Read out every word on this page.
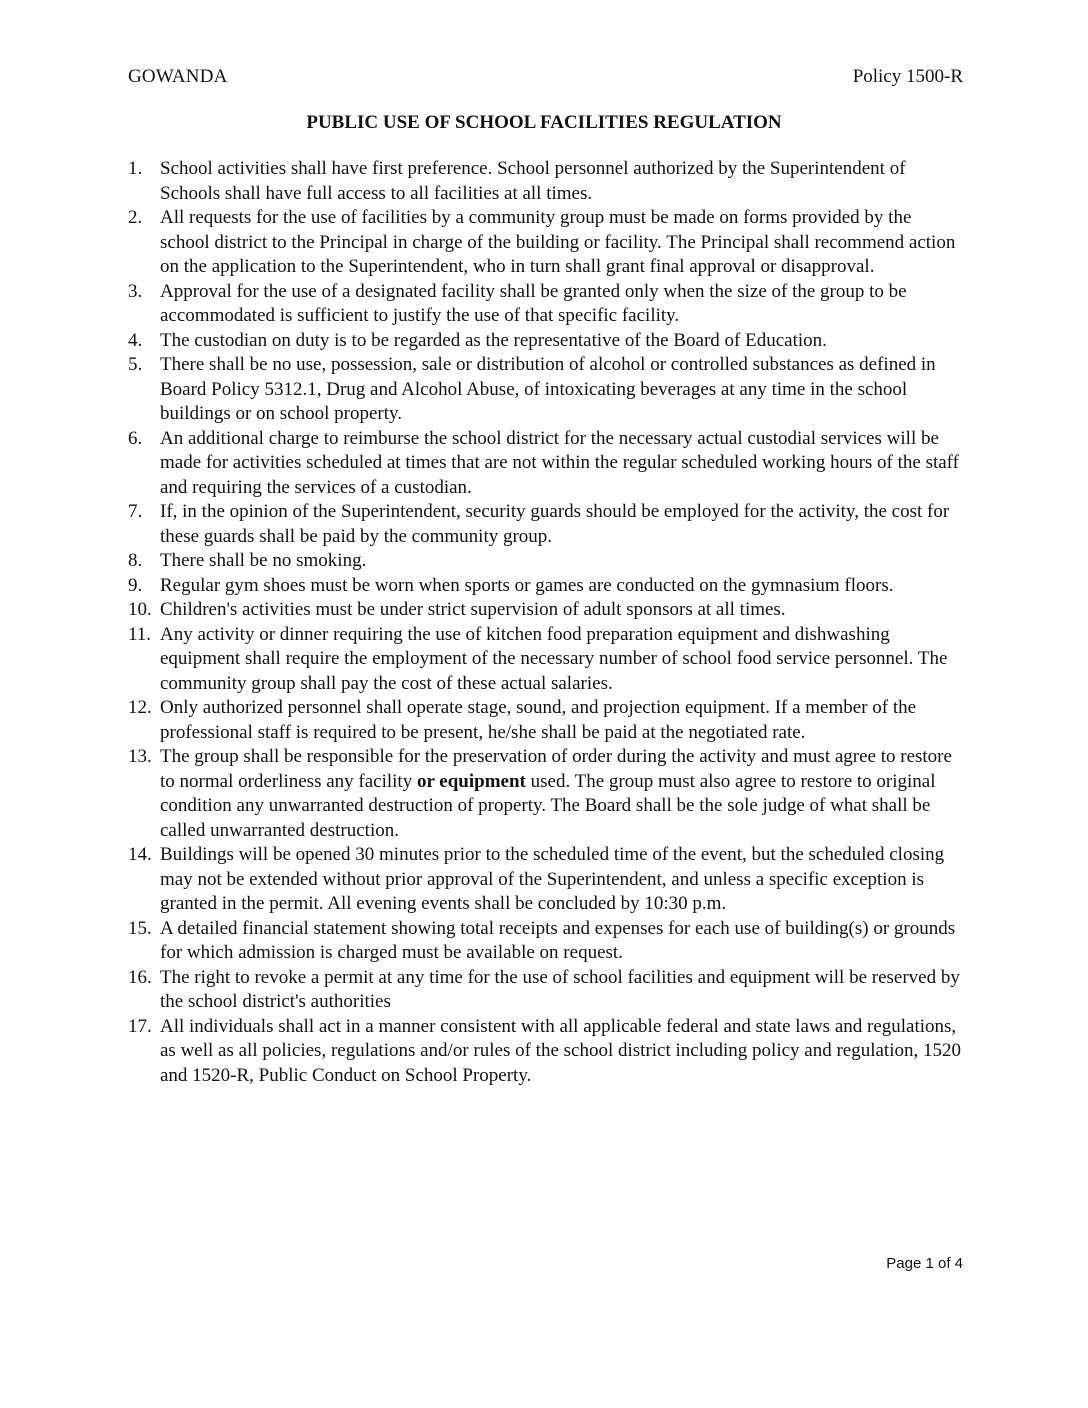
GOWANDA	Policy 1500-R
PUBLIC USE OF SCHOOL FACILITIES REGULATION
1. School activities shall have first preference. School personnel authorized by the Superintendent of Schools shall have full access to all facilities at all times.
2. All requests for the use of facilities by a community group must be made on forms provided by the school district to the Principal in charge of the building or facility. The Principal shall recommend action on the application to the Superintendent, who in turn shall grant final approval or disapproval.
3. Approval for the use of a designated facility shall be granted only when the size of the group to be accommodated is sufficient to justify the use of that specific facility.
4. The custodian on duty is to be regarded as the representative of the Board of Education.
5. There shall be no use, possession, sale or distribution of alcohol or controlled substances as defined in Board Policy 5312.1, Drug and Alcohol Abuse, of intoxicating beverages at any time in the school buildings or on school property.
6. An additional charge to reimburse the school district for the necessary actual custodial services will be made for activities scheduled at times that are not within the regular scheduled working hours of the staff and requiring the services of a custodian.
7. If, in the opinion of the Superintendent, security guards should be employed for the activity, the cost for these guards shall be paid by the community group.
8. There shall be no smoking.
9. Regular gym shoes must be worn when sports or games are conducted on the gymnasium floors.
10. Children's activities must be under strict supervision of adult sponsors at all times.
11. Any activity or dinner requiring the use of kitchen food preparation equipment and dishwashing equipment shall require the employment of the necessary number of school food service personnel. The community group shall pay the cost of these actual salaries.
12. Only authorized personnel shall operate stage, sound, and projection equipment. If a member of the professional staff is required to be present, he/she shall be paid at the negotiated rate.
13. The group shall be responsible for the preservation of order during the activity and must agree to restore to normal orderliness any facility or equipment used. The group must also agree to restore to original condition any unwarranted destruction of property. The Board shall be the sole judge of what shall be called unwarranted destruction.
14. Buildings will be opened 30 minutes prior to the scheduled time of the event, but the scheduled closing may not be extended without prior approval of the Superintendent, and unless a specific exception is granted in the permit. All evening events shall be concluded by 10:30 p.m.
15. A detailed financial statement showing total receipts and expenses for each use of building(s) or grounds for which admission is charged must be available on request.
16. The right to revoke a permit at any time for the use of school facilities and equipment will be reserved by the school district's authorities
17. All individuals shall act in a manner consistent with all applicable federal and state laws and regulations, as well as all policies, regulations and/or rules of the school district including policy and regulation, 1520 and 1520-R, Public Conduct on School Property.
Page 1 of 4
